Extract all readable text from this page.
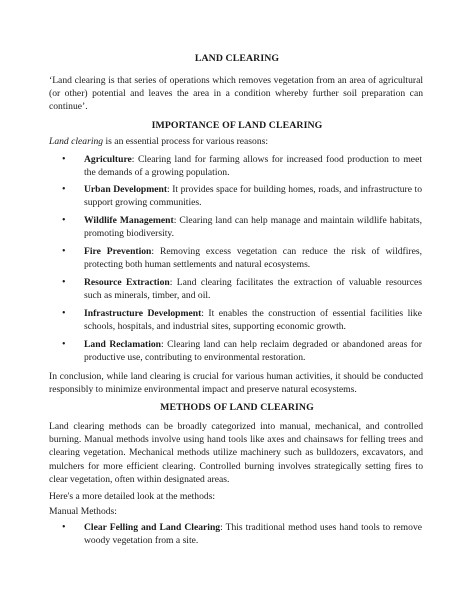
LAND CLEARING
‘Land clearing is that series of operations which removes vegetation from an area of agricultural (or other) potential and leaves the area in a condition whereby further soil preparation can continue’.
IMPORTANCE OF LAND CLEARING
Land clearing is an essential process for various reasons:
•	Agriculture: Clearing land for farming allows for increased food production to meet the demands of a growing population.
•	Urban Development: It provides space for building homes, roads, and infrastructure to support growing communities.
•	Wildlife Management: Clearing land can help manage and maintain wildlife habitats, promoting biodiversity.
•	Fire Prevention: Removing excess vegetation can reduce the risk of wildfires, protecting both human settlements and natural ecosystems.
•	Resource Extraction: Land clearing facilitates the extraction of valuable resources such as minerals, timber, and oil.
•	Infrastructure Development: It enables the construction of essential facilities like schools, hospitals, and industrial sites, supporting economic growth.
•	Land Reclamation: Clearing land can help reclaim degraded or abandoned areas for productive use, contributing to environmental restoration.
In conclusion, while land clearing is crucial for various human activities, it should be conducted responsibly to minimize environmental impact and preserve natural ecosystems.
METHODS OF LAND CLEARING
Land clearing methods can be broadly categorized into manual, mechanical, and controlled burning. Manual methods involve using hand tools like axes and chainsaws for felling trees and clearing vegetation. Mechanical methods utilize machinery such as bulldozers, excavators, and mulchers for more efficient clearing. Controlled burning involves strategically setting fires to clear vegetation, often within designated areas.
Here's a more detailed look at the methods:
Manual Methods:
•	Clear Felling and Land Clearing: This traditional method uses hand tools to remove woody vegetation from a site.
